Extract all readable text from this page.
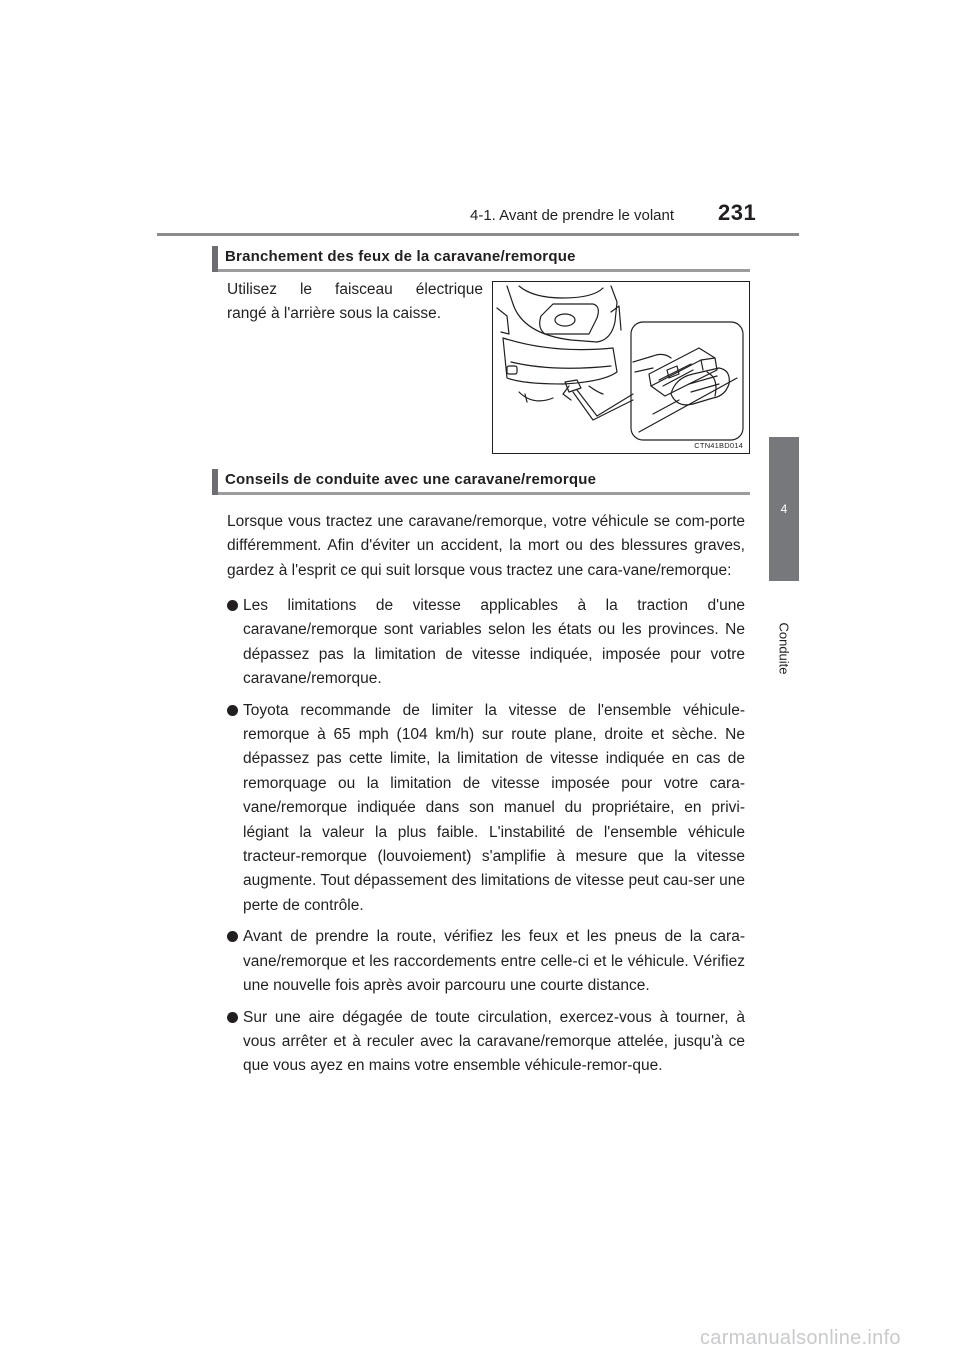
4-1. Avant de prendre le volant 231
4
Conduite
Branchement des feux de la caravane/remorque
Utilisez le faisceau électrique
rangé à l'arrière sous la caisse.
CTN41BD014
Conseils de conduite avec une caravane/remorque

Lorsque vous tractez une caravane/remorque, votre véhicule se com-porte différemment. Afin d'éviter un accident, la mort ou des blessures graves, gardez à l'esprit ce qui suit lorsque vous tractez une cara-vane/remorque:

Les limitations de vitesse applicables à la traction d'une caravane/remorque sont variables selon les états ou les provinces. Ne dépassez pas la limitation de vitesse indiquée, imposée pour votre caravane/remorque.
Toyota recommande de limiter la vitesse de l'ensemble véhicule-remorque à 65 mph (104 km/h) sur route plane, droite et sèche. Ne dépassez pas cette limite, la limitation de vitesse indiquée en cas de remorquage ou la limitation de vitesse imposée pour votre cara-vane/remorque indiquée dans son manuel du propriétaire, en privi-légiant la valeur la plus faible. L'instabilité de l'ensemble véhicule tracteur-remorque (louvoiement) s'amplifie à mesure que la vitesse augmente. Tout dépassement des limitations de vitesse peut cau-ser une perte de contrôle.
Avant de prendre la route, vérifiez les feux et les pneus de la cara-vane/remorque et les raccordements entre celle-ci et le véhicule. Vérifiez une nouvelle fois après avoir parcouru une courte distance.
Sur une aire dégagée de toute circulation, exercez-vous à tourner, à vous arrêter et à reculer avec la caravane/remorque attelée, jusqu'à ce que vous ayez en mains votre ensemble véhicule-remor-que.
carmanualsonline.info
